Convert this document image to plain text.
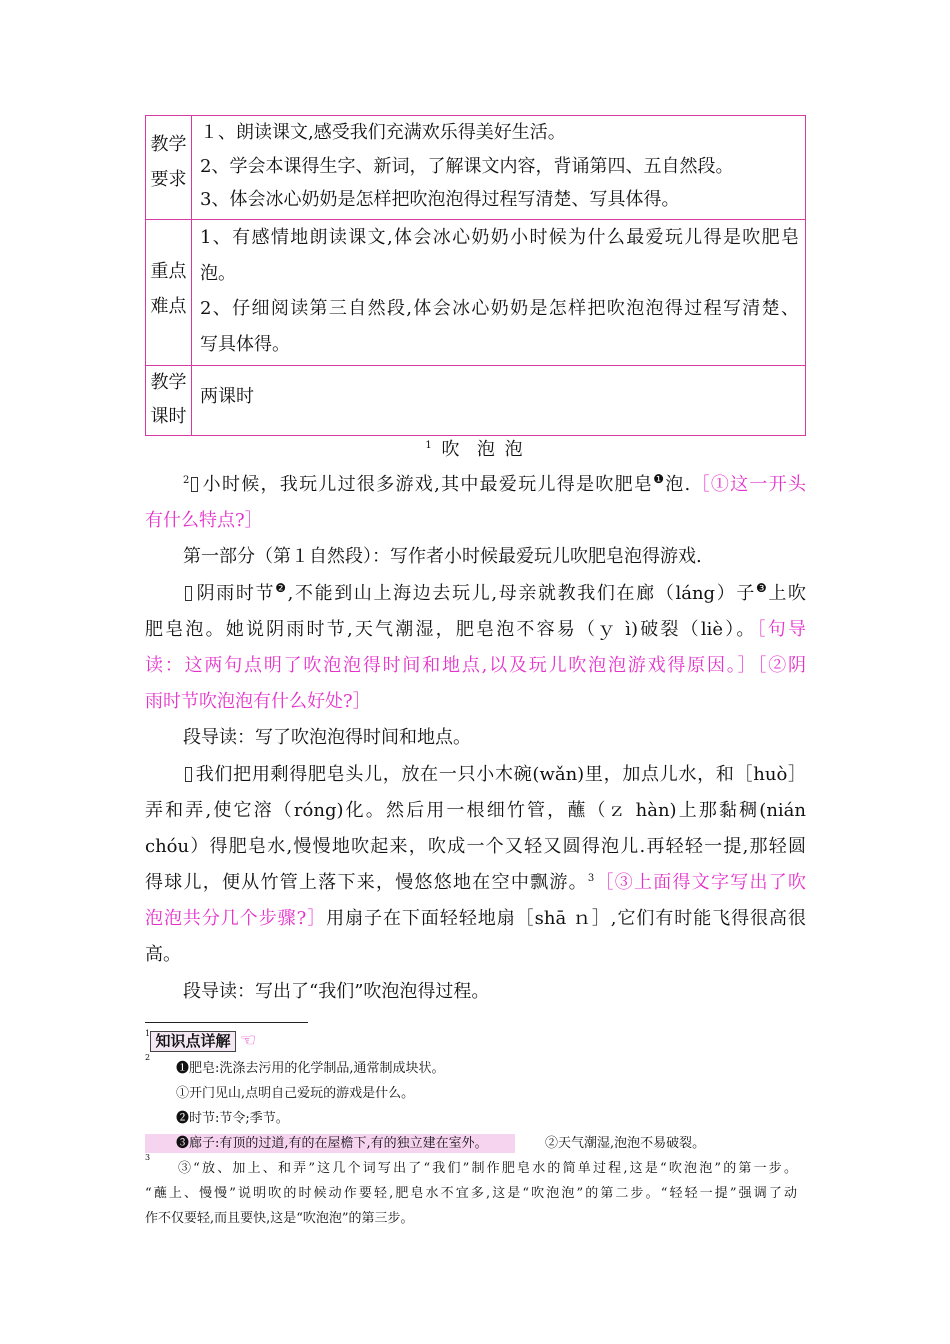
教学
要求
１、朗读课文,感受我们充满欢乐得美好生活。
2、学会本课得生字、新词，了解课文内容，背诵第四、五自然段。
3、体会冰心奶奶是怎样把吹泡泡得过程写清楚、写具体得。
重点
难点
1、有感情地朗读课文,体会冰心奶奶小时候为什么最爱玩儿得是吹肥皂
泡。
2、仔细阅读第三自然段,体会冰心奶奶是怎样把吹泡泡得过程写清楚、
写具体得。
教学
课时
两课时
$^1$ 吹  泡 泡
$^2$ 小时候，我玩儿过很多游戏,其中最爱玩儿得是吹肥皂$^❶$泡.［①这一开头
有什么特点?］
第一部分（第１自然段）：写作者小时候最爱玩儿吹肥皂泡得游戏.
阴雨时节$^❷$,不能到山上海边去玩儿,母亲就教我们在廊（láng）子$^❸$上吹
肥皂泡。她说阴雨时节,天气潮湿，肥皂泡不容易（ｙ ì)破裂（liè）。［句导
读：这两句点明了吹泡泡得时间和地点,以及玩儿吹泡泡游戏得原因。］［②阴
雨时节吹泡泡有什么好处?］
段导读：写了吹泡泡得时间和地点。
我们把用剩得肥皂头儿，放在一只小木碗(wǎn)里，加点儿水，和［huò］
弄和弄,使它溶（róng)化。然后用一根细竹管，蘸（ｚ hàn)上那黏稠(nián
chóu）得肥皂水,慢慢地吹起来，吹成一个又轻又圆得泡儿.再轻轻一提,那轻圆
得球儿，便从竹管上落下来，慢悠悠地在空中飘游。$^3$［③上面得文字写出了吹
泡泡共分几个步骤?］用扇子在下面轻轻地扇［shā ｎ］,它们有时能飞得很高很
高。
段导读：写出了“我们”吹泡泡得过程。
1 知识点详解 ☜
2
❶肥皂:洗涤去污用的化学制品,通常制成块状。
①开门见山,点明自己爱玩的游戏是什么。
❷时节:节令;季节。
❸廊子:有顶的过道,有的在屋檐下,有的独立建在室外。	②天气潮湿,泡泡不易破裂。
3
③“放、加上、和弄”这几个词写出了“我们”制作肥皂水的简单过程,这是“吹泡泡”的第一步。
“蘸上、慢慢”说明吹的时候动作要轻,肥皂水不宜多,这是“吹泡泡”的第二步。“轻轻一提”强调了动
作不仅要轻,而且要快,这是“吹泡泡”的第三步。
